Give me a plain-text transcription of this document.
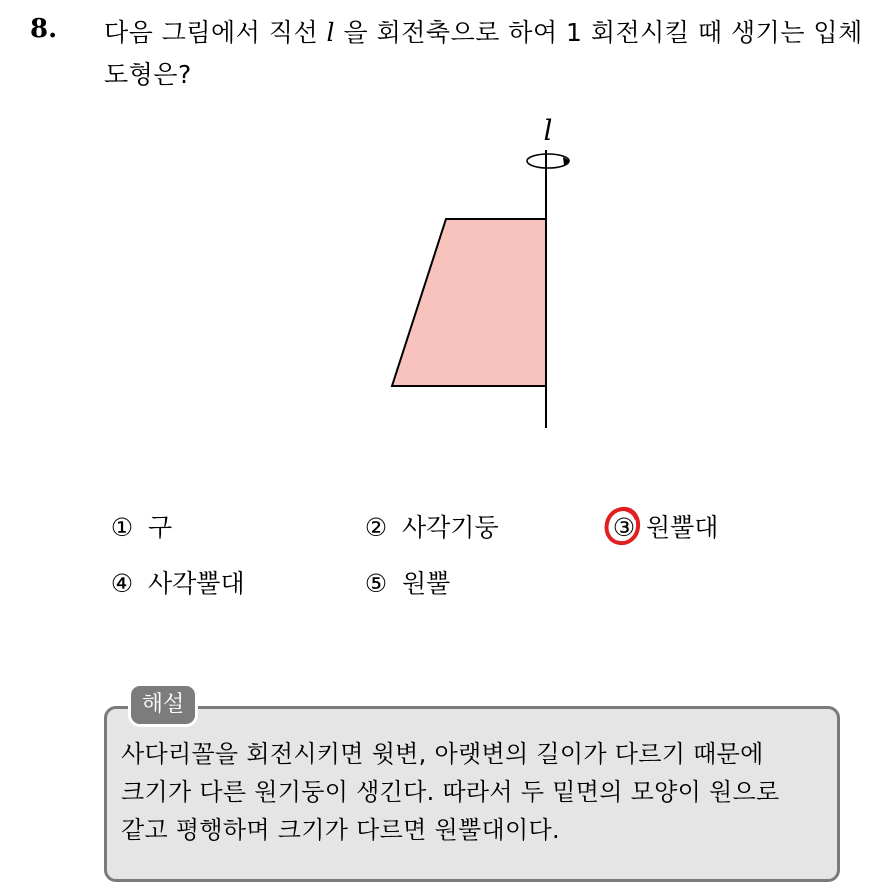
8. 다음 그림에서 직선 l 을 회전축으로 하여 1 회전시킬 때 생기는 입체 도형은?
l
① 구	② 사각기둥	③ 원뿔대
④ 사각뿔대	⑤ 원뿔
해설

사다리꼴을 회전시키면 윗변, 아랫변의 길이가 다르기 때문에

크기가 다른 원기둥이 생긴다. 따라서 두 밑면의 모양이 원으로

같고 평행하며 크기가 다르면 원뿔대이다.
